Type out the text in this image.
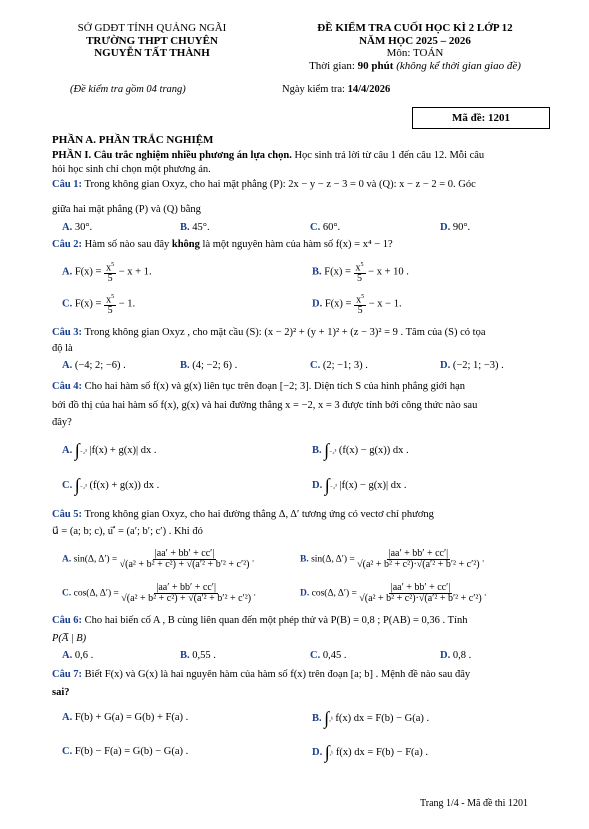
SỞ GDĐT TỈNH QUẢNG NGÃI
TRƯỜNG THPT CHUYÊN
NGUYỄN TẤT THÀNH
(Đề kiểm tra gồm 04 trang)
ĐỀ KIỂM TRA CUỐI HỌC KÌ 2 LỚP 12
NĂM HỌC 2025 – 2026
Môn: TOÁN
Thời gian: 90 phút (không kể thời gian giao đề)
Ngày kiểm tra: 14/4/2026
Mã đề: 1201
PHẦN A. PHẦN TRẮC NGHIỆM
PHẦN I. Câu trắc nghiệm nhiều phương án lựa chọn. Học sinh trả lời từ câu 1 đến câu 12. Mỗi câu
hỏi học sinh chỉ chọn một phương án.
Câu 1: Trong không gian Oxyz, cho hai mặt phẳng (P): 2x − y − z − 3 = 0 và (Q): x − z − 2 = 0. Góc
giữa hai mặt phẳng (P) và (Q) bằng
A. 30°.	B. 45°.	C. 60°.	D. 90°.
Câu 2: Hàm số nào sau đây không là một nguyên hàm của hàm số f(x) = x⁴ − 1?
A. $F(x) = \frac{x^5}{5} - x + 1$.	B. $F(x) = \frac{x^5}{5} - x + 10$ .
C. $F(x) = \frac{x^5}{5} - 1$.	D. $F(x) = \frac{x^5}{5} - x - 1$.
Câu 3: Trong không gian Oxyz , cho mặt cầu (S): (x − 2)² + (y + 1)² + (z − 3)² = 9 . Tâm của (S) có tọa
độ là
A. (−4; 2; −6) .	B. (4; −2; 6) .	C. (2; −1; 3) .	D. (−2; 1; −3) .
Câu 4: Cho hai hàm số f(x) và g(x) liên tục trên đoạn [−2; 3]. Diện tích S của hình phẳng giới hạn
bởi đồ thị của hai hàm số f(x), g(x) và hai đường thẳng x = −2, x = 3 được tính bởi công thức nào sau
đây?
A. ∫₋₂³ |f(x) + g(x)| dx .	B. ∫₋₂³ (f(x) − g(x)) dx .
C. ∫₋₂³ (f(x) + g(x)) dx .	D. ∫₋₂³ |f(x) − g(x)| dx .
Câu 5: Trong không gian Oxyz, cho hai đường thẳng Δ, Δ′ tương ứng có vectơ chỉ phương
u⃗ = (a; b; c), u′⃗ = (a′; b′; c′) . Khi đó
A. sin(Δ, $\Delta') = \frac{|aa' + bb' + cc'|}{\text{√(a² + b² + c²) + √(a′² + b′² + c′²)}}$ .	B. sin(Δ, $\Delta') = \frac{|aa' + bb' + cc'|}{\text{√(a² + b² + c²)·√(a′² + b′² + c′²)}}$ .
C. cos(Δ, $\Delta') = \frac{|aa' + bb' + cc'|}{\text{√(a² + b² + c²) + √(a′² + b′² + c′²)}}$ .	D. cos(Δ, $\Delta') = \frac{|aa' + bb' + cc'|}{\text{√(a² + b² + c²)·√(a′² + b′² + c′²)}}$ .
Câu 6: Cho hai biến cố A , B cùng liên quan đến một phép thử và P(B) = 0,8 ; P(AB) = 0,36 . Tính
P(A̅ | B)
A. 0,6 .	B. 0,55 .	C. 0,45 .	D. 0,8 .
Câu 7: Biết F(x) và G(x) là hai nguyên hàm của hàm số f(x) trên đoạn [a; b] . Mệnh đề nào sau đây
sai?
A. F(b) + G(a) = G(b) + F(a) .	B. ∫ₐᵇ f(x) dx = F(b) − G(a) .
C. F(b) − F(a) = G(b) − G(a) .	D. ∫ₐᵇ f(x) dx = F(b) − F(a) .
Trang 1/4 - Mã đề thi 1201
